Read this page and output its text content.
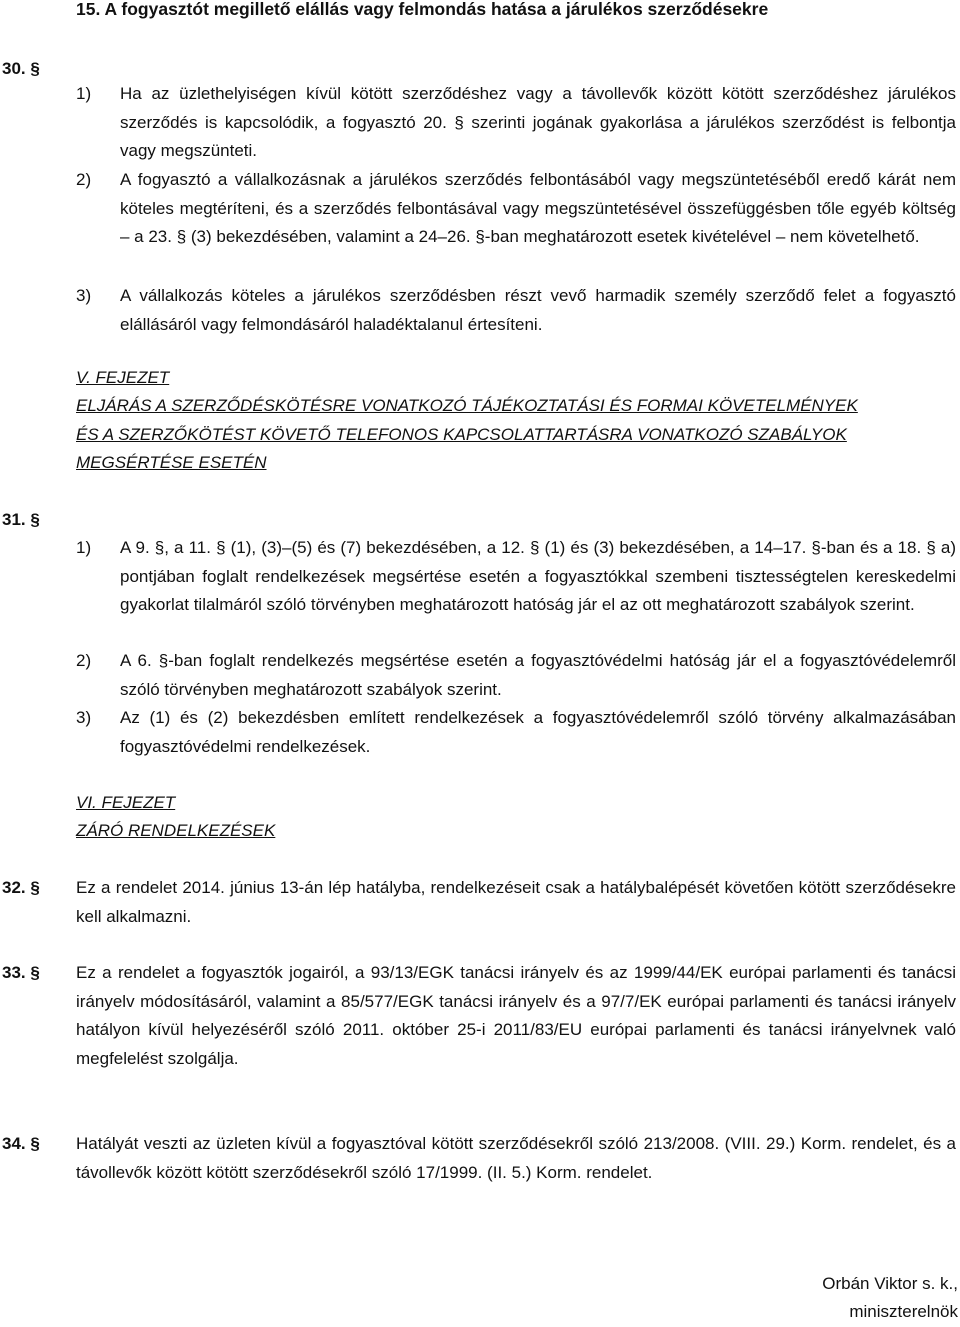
15. A fogyasztót megillető elállás vagy felmondás hatása a járulékos szerződésekre
30. §
1) Ha az üzlethelyiségen kívül kötött szerződéshez vagy a távollevők között kötött szerződéshez járulékos szerződés is kapcsolódik, a fogyasztó 20. § szerinti jogának gyakorlása a járulékos szerződést is felbontja vagy megszünteti.
2) A fogyasztó a vállalkozásnak a járulékos szerződés felbontásából vagy megszüntetéséből eredő kárát nem köteles megtéríteni, és a szerződés felbontásával vagy megszüntetésével összefüggésben tőle egyéb költség – a 23. § (3) bekezdésében, valamint a 24–26. §-ban meghatározott esetek kivételével – nem követelhető.
3) A vállalkozás köteles a járulékos szerződésben részt vevő harmadik személy szerződő felet a fogyasztó elállásáról vagy felmondásáról haladéktalanul értesíteni.
V. FEJEZET
ELJÁRÁS A SZERZŐDÉSKÖTÉSRE VONATKOZÓ TÁJÉKOZTATÁSI ÉS FORMAI KÖVETELMÉNYEK
ÉS A SZERZŐKÖTÉST KÖVETŐ TELEFONOS KAPCSOLATTARTÁSRA VONATKOZÓ SZABÁLYOK
MEGSÉRTÉSE ESETÉN
31. §
1) A 9. §, a 11. § (1), (3)–(5) és (7) bekezdésében, a 12. § (1) és (3) bekezdésében, a 14–17. §-ban és a 18. § a) pontjában foglalt rendelkezések megsértése esetén a fogyasztókkal szembeni tisztességtelen kereskedelmi gyakorlat tilalmáról szóló törvényben meghatározott hatóság jár el az ott meghatározott szabályok szerint.
2) A 6. §-ban foglalt rendelkezés megsértése esetén a fogyasztóvédelmi hatóság jár el a fogyasztóvédelemről szóló törvényben meghatározott szabályok szerint.
3) Az (1) és (2) bekezdésben említett rendelkezések a fogyasztóvédelemről szóló törvény alkalmazásában fogyasztóvédelmi rendelkezések.
VI. FEJEZET
ZÁRÓ RENDELKEZÉSEK
32. § Ez a rendelet 2014. június 13-án lép hatályba, rendelkezéseit csak a hatálybalépését követően kötött szerződésekre kell alkalmazni.
33. § Ez a rendelet a fogyasztók jogairól, a 93/13/EGK tanácsi irányelv és az 1999/44/EK európai parlamenti és tanácsi irányelv módosításáról, valamint a 85/577/EGK tanácsi irányelv és a 97/7/EK európai parlamenti és tanácsi irányelv hatályon kívül helyezéséről szóló 2011. október 25-i 2011/83/EU európai parlamenti és tanácsi irányelvnek való megfelelést szolgálja.
34. § Hatályát veszti az üzleten kívül a fogyasztóval kötött szerződésekről szóló 213/2008. (VIII. 29.) Korm. rendelet, és a távollevők között kötött szerződésekről szóló 17/1999. (II. 5.) Korm. rendelet.
Orbán Viktor s. k.,
miniszterelnök
